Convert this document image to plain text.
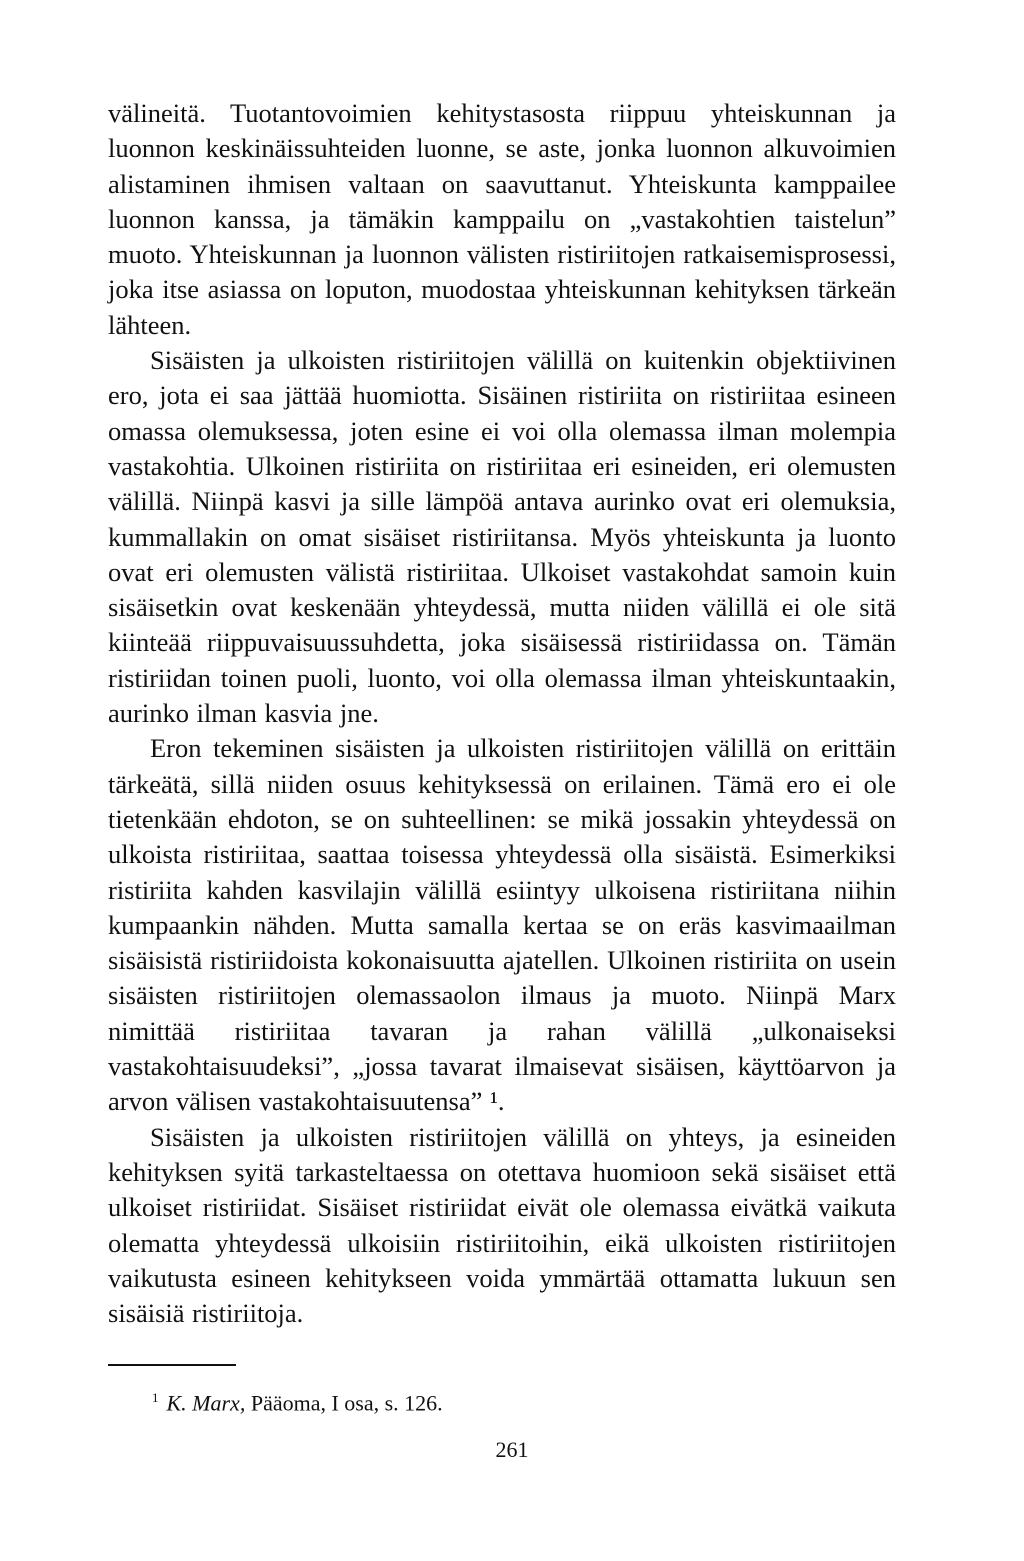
välineitä. Tuotantovoimien kehitystasosta riippuu yhteiskunnan ja luonnon keskinäissuhteiden luonne, se aste, jonka luonnon alkuvoimien alistaminen ihmisen valtaan on saavuttanut. Yhteiskunta kamppailee luonnon kanssa, ja tämäkin kamppailu on „vastakohtien taistelun” muoto. Yhteiskunnan ja luonnon välisten ristiriitojen ratkaisemisprosessi, joka itse asiassa on loputon, muodostaa yhteiskunnan kehityksen tärkeän lähteen.

Sisäisten ja ulkoisten ristiriitojen välillä on kuitenkin objektiivinen ero, jota ei saa jättää huomiotta. Sisäinen ristiriita on ristiriitaa esineen omassa olemuksessa, joten esine ei voi olla olemassa ilman molempia vastakohtia. Ulkoinen ristiriita on ristiriitaa eri esineiden, eri olemusten välillä. Niinpä kasvi ja sille lämpöä antava aurinko ovat eri olemuksia, kummallakin on omat sisäiset ristiriitansa. Myös yhteiskunta ja luonto ovat eri olemusten välistä ristiriitaa. Ulkoiset vastakohdat samoin kuin sisäisetkin ovat keskenään yhteydessä, mutta niiden välillä ei ole sitä kiinteää riippuvaisuussuhdetta, joka sisäisessä ristiriidassa on. Tämän ristiriidan toinen puoli, luonto, voi olla olemassa ilman yhteiskuntaakin, aurinko ilman kasvia jne.

Eron tekeminen sisäisten ja ulkoisten ristiriitojen välillä on erittäin tärkeätä, sillä niiden osuus kehityksessä on erilainen. Tämä ero ei ole tietenkään ehdoton, se on suhteellinen: se mikä jossakin yhteydessä on ulkoista ristiriitaa, saattaa toisessa yhteydessä olla sisäistä. Esimerkiksi ristiriita kahden kasvilajin välillä esiintyy ulkoisena ristiriitana niihin kumpaankin nähden. Mutta samalla kertaa se on eräs kasvimaailman sisäisistä ristiriidoista kokonaisuutta ajatellen. Ulkoinen ristiriita on usein sisäisten ristiriitojen olemassaolon ilmaus ja muoto. Niinpä Marx nimittää ristiriitaa tavaran ja rahan välillä „ulkonaiseksi vastakohtaisuudeksi”, „jossa tavarat ilmaisevat sisäisen, käyttöarvon ja arvon välisen vastakohtaisuutensa” ¹.

Sisäisten ja ulkoisten ristiriitojen välillä on yhteys, ja esineiden kehityksen syitä tarkasteltaessa on otettava huomioon sekä sisäiset että ulkoiset ristiriidat. Sisäiset ristiriidat eivät ole olemassa eivätkä vaikuta olematta yhteydessä ulkoisiin ristiriitoihin, eikä ulkoisten ristiriitojen vaikutusta esineen kehitykseen voida ymmärtää ottamatta lukuun sen sisäisiä ristiriitoja.

$^1$ K. Marx, Pääoma, I osa, s. 126.
261
